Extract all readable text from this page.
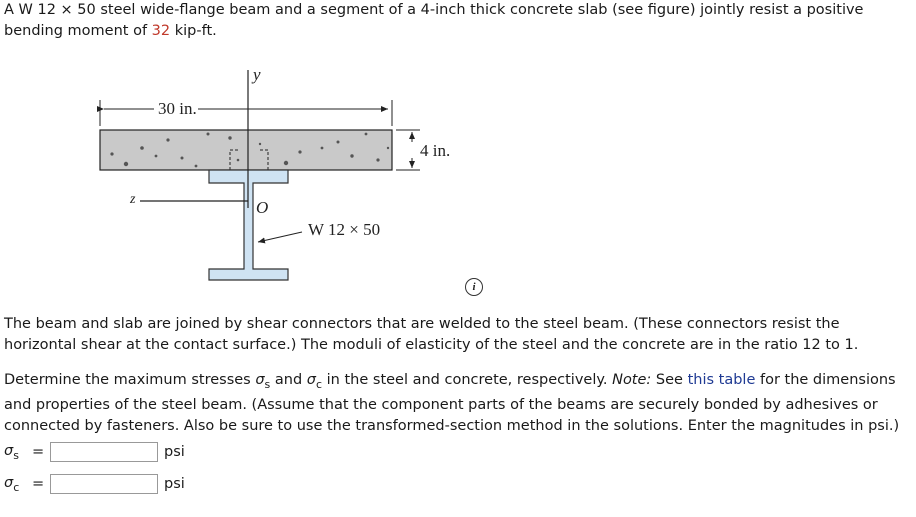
A W 12 × 50 steel wide-flange beam and a segment of a 4-inch thick concrete slab (see figure) jointly resist a positive bending moment of 32 kip-ft.
30 in.
4 in.
y
z	O
W 12 × 50
i
The beam and slab are joined by shear connectors that are welded to the steel beam. (These connectors resist the horizontal shear at the contact surface.) The moduli of elasticity of the steel and the concrete are in the ratio 12 to 1.
Determine the maximum stresses $\sigma_s$ and $\sigma_c$ in the steel and concrete, respectively. Note: See this table for the dimensions and properties of the steel beam. (Assume that the component parts of the beams are securely bonded by adhesives or connected by fasteners. Also be sure to use the transformed-section method in the solutions. Enter the magnitudes in psi.)
$\sigma_s$ =	psi
$\sigma_c$ =	psi
